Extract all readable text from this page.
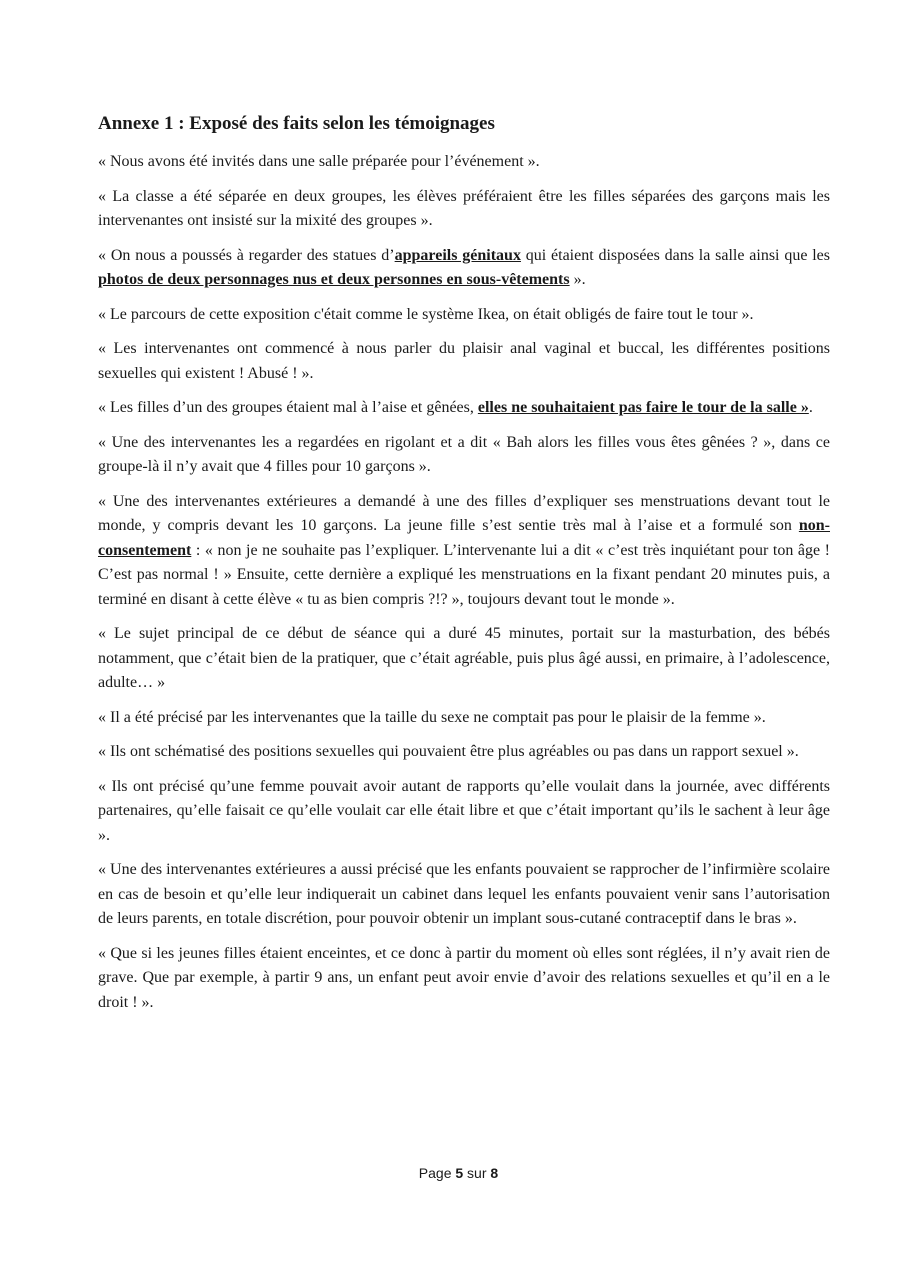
Annexe 1 : Exposé des faits selon les témoignages
« Nous avons été invités dans une salle préparée pour l’événement ».
« La classe a été séparée en deux groupes, les élèves préféraient être les filles séparées des garçons mais les intervenantes ont insisté sur la mixité des groupes ».
« On nous a poussés à regarder des statues d’appareils génitaux qui étaient disposées dans la salle ainsi que les photos de deux personnages nus et deux personnes en sous-vêtements ».
« Le parcours de cette exposition c'était comme le système Ikea, on était obligés de faire tout le tour ».
« Les intervenantes ont commencé à nous parler du plaisir anal vaginal et buccal, les différentes positions sexuelles qui existent ! Abusé ! ».
« Les filles d’un des groupes étaient mal à l’aise et gênées, elles ne souhaitaient pas faire le tour de la salle ».
« Une des intervenantes les a regardées en rigolant et a dit « Bah alors les filles vous êtes gênées ? », dans ce groupe-là il n’y avait que 4 filles pour 10 garçons ».
« Une des intervenantes extérieures a demandé à une des filles d’expliquer ses menstruations devant tout le monde, y compris devant les 10 garçons. La jeune fille s’est sentie très mal à l’aise et a formulé son non-consentement : « non je ne souhaite pas l’expliquer. L’intervenante lui a dit « c’est très inquiétant pour ton âge ! C’est pas normal ! » Ensuite, cette dernière a expliqué les menstruations en la fixant pendant 20 minutes puis, a terminé en disant à cette élève « tu as bien compris ?!? », toujours devant tout le monde ».
« Le sujet principal de ce début de séance qui a duré 45 minutes, portait sur la masturbation, des bébés notamment, que c’était bien de la pratiquer, que c’était agréable, puis plus âgé aussi, en primaire, à l’adolescence, adulte… »
« Il a été précisé par les intervenantes que la taille du sexe ne comptait pas pour le plaisir de la femme ».
« Ils ont schématisé des positions sexuelles qui pouvaient être plus agréables ou pas dans un rapport sexuel ».
« Ils ont précisé qu’une femme pouvait avoir autant de rapports qu’elle voulait dans la journée, avec différents partenaires, qu’elle faisait ce qu’elle voulait car elle était libre et que c’était important qu’ils le sachent à leur âge ».
« Une des intervenantes extérieures a aussi précisé que les enfants pouvaient se rapprocher de l’infirmière scolaire en cas de besoin et qu’elle leur indiquerait un cabinet dans lequel les enfants pouvaient venir sans l’autorisation de leurs parents, en totale discrétion, pour pouvoir obtenir un implant sous-cutané contraceptif dans le bras ».
« Que si les jeunes filles étaient enceintes, et ce donc à partir du moment où elles sont réglées, il n’y avait rien de grave. Que par exemple, à partir 9 ans, un enfant peut avoir envie d’avoir des relations sexuelles et qu’il en a le droit ! ».
Page 5 sur 8
